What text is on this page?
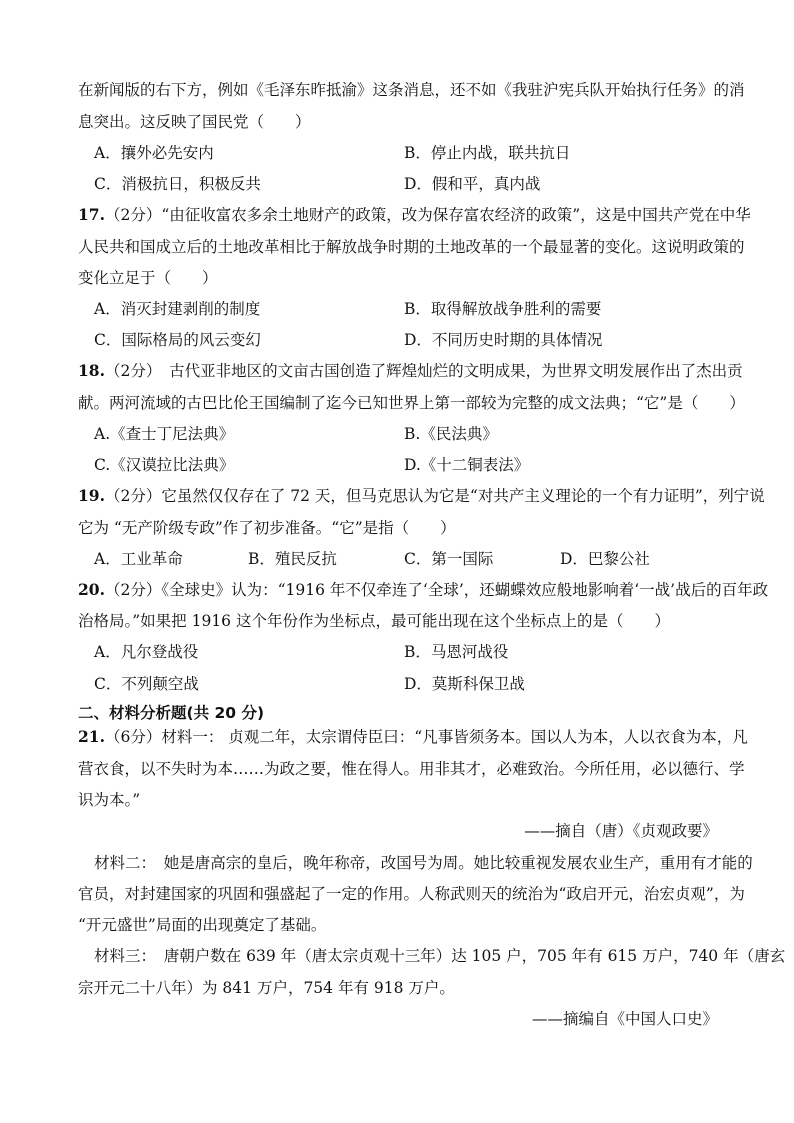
在新闻版的右下方，例如《毛泽东昨抵渝》这条消息，还不如《我驻沪宪兵队开始执行任务》的消
息突出。这反映了国民党（　　）
A．攘外必先安内	B．停止内战，联共抗日
C．消极抗日，积极反共	D．假和平，真内战
17.（2分）“由征收富农多余土地财产的政策，改为保存富农经济的政策”，这是中国共产党在中华
人民共和国成立后的土地改革相比于解放战争时期的土地改革的一个最显著的变化。这说明政策的
变化立足于（　　）
A．消灭封建剥削的制度	B．取得解放战争胜利的需要
C．国际格局的风云变幻	D．不同历史时期的具体情况
18.（2分）　古代亚非地区的文亩古国创造了辉煌灿烂的文明成果，为世界文明发展作出了杰出贡
献。两河流域的古巴比伦王国编制了迄今已知世界上第一部较为完整的成文法典；“它”是（　　）
A.《查士丁尼法典》	B.《民法典》
C.《汉谟拉比法典》	D.《十二铜表法》
19.（2分）它虽然仅仅存在了 72 天，但马克思认为它是“对共产主义理论的一个有力证明”，列宁说
它为 “无产阶级专政”作了初步准备。“它”是指（　　）
A．工业革命	B．殖民反抗	C．第一国际	D．巴黎公社
20.（2分）《全球史》认为：“1916 年不仅牵连了‘全球’，还蝴蝶效应般地影响着‘一战’战后的百年政
治格局。”如果把 1916 这个年份作为坐标点，最可能出现在这个坐标点上的是（　　）
A．凡尔登战役	B．马恩河战役
C．不列颠空战	D．莫斯科保卫战
二、材料分析题(共 20 分)
21.（6分）材料一： 贞观二年，太宗谓侍臣曰：“凡事皆须务本。国以人为本，人以衣食为本，凡
营衣食，以不失时为本……为政之要，惟在得人。用非其才，必难致治。今所任用，必以德行、学
识为本。”
——摘自（唐）《贞观政要》
材料二：　她是唐高宗的皇后，晚年称帝，改国号为周。她比较重视发展农业生产，重用有才能的
官员，对封建国家的巩固和强盛起了一定的作用。人称武则天的统治为“政启开元，治宏贞观”，为
“开元盛世”局面的出现奠定了基础。
材料三：　唐朝户数在 639 年（唐太宗贞观十三年）达 105 户，705 年有 615 万户，740 年（唐玄
宗开元二十八年）为 841 万户，754 年有 918 万户。
——摘编自《中国人口史》
